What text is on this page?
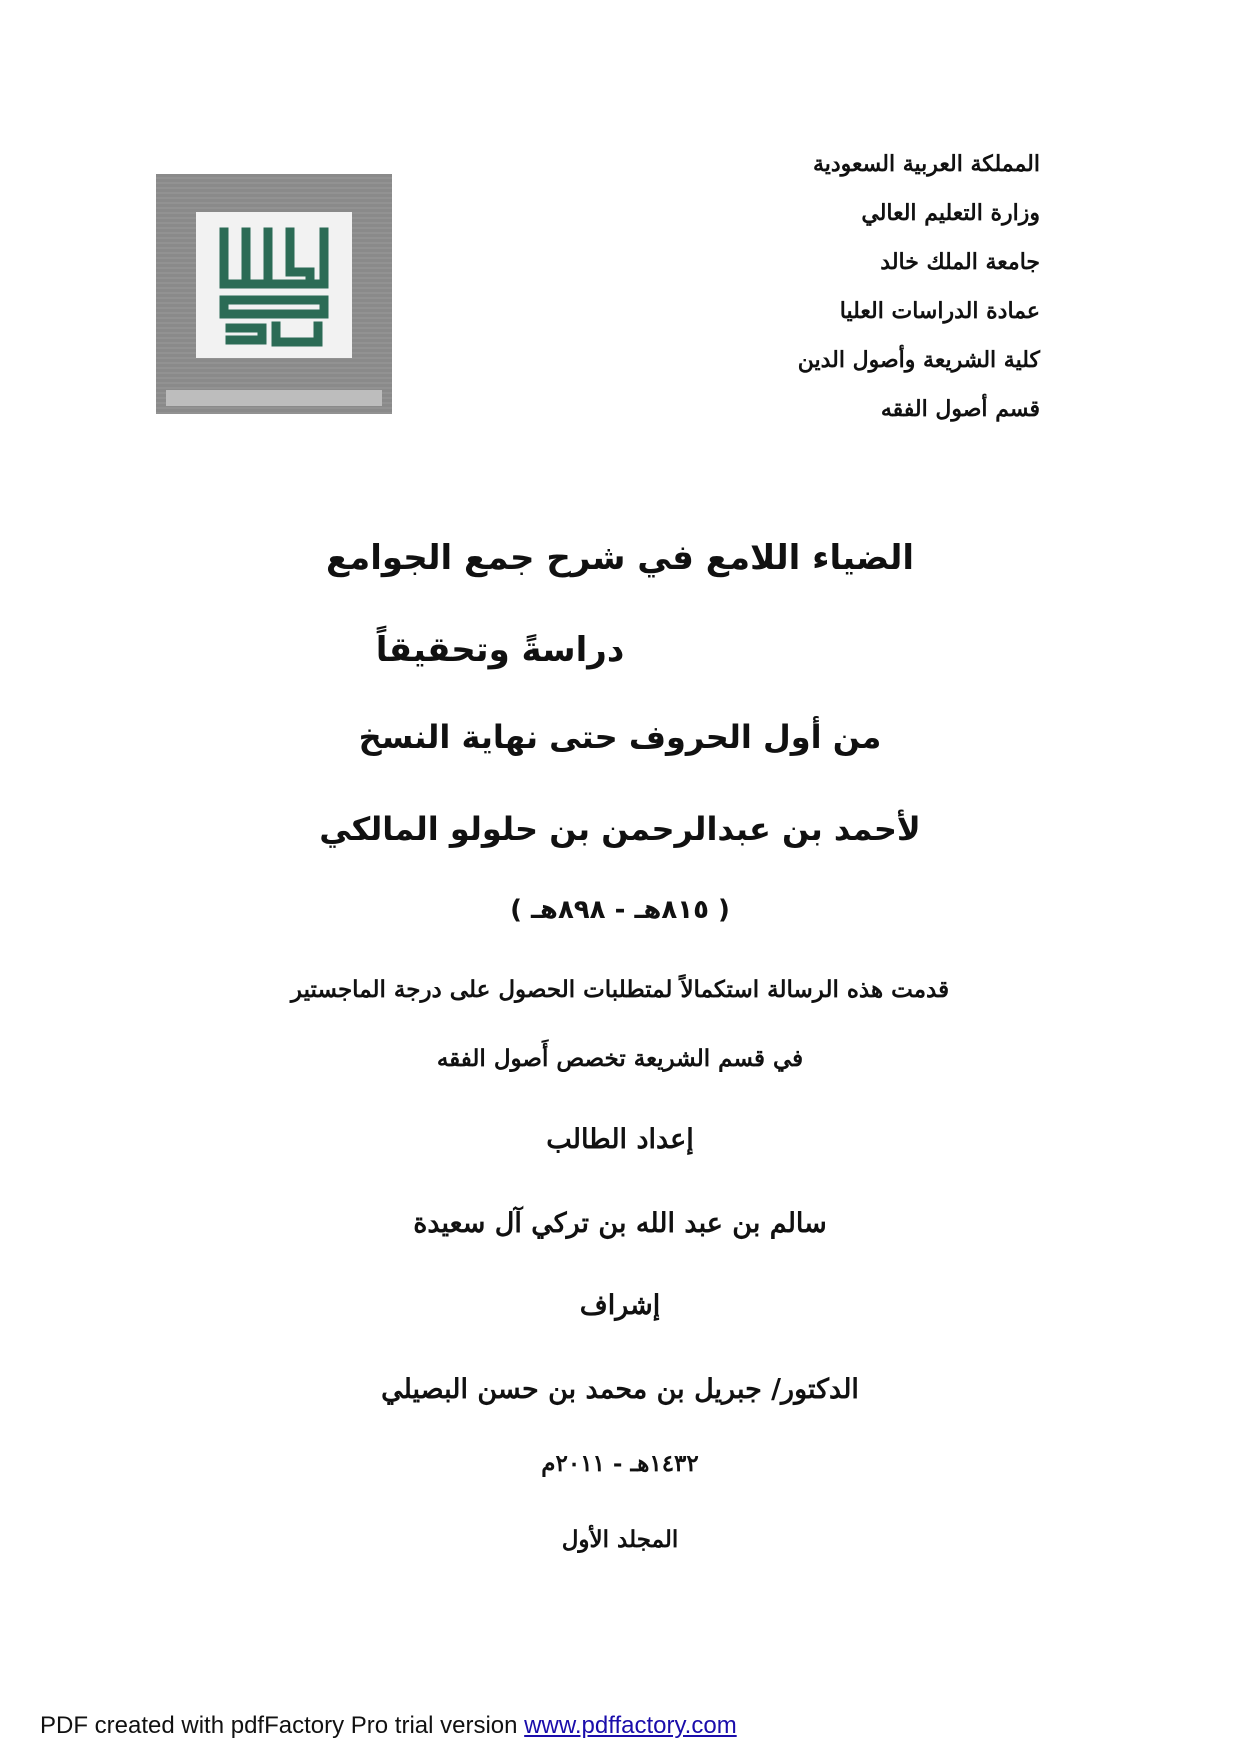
المملكة العربية السعودية
وزارة التعليم العالي
جامعة الملك خالد
عمادة الدراسات العليا
كلية الشريعة وأصول الدين
قسم أصول الفقه
الضياء اللامع في شرح جمع الجوامع
دراسةً وتحقيقاً
من أول الحروف حتى نهاية النسخ
لأحمد بن عبدالرحمن بن حلولو المالكي
( ٨١٥هـ - ٨٩٨هـ )
قدمت هذه الرسالة استكمالاً لمتطلبات الحصول على درجة الماجستير
في قسم الشريعة تخصص أَصول الفقه
إعداد الطالب
سالم بن عبد الله بن تركي آل سعيدة
إشراف
الدكتور/ جبريل بن محمد بن حسن البصيلي
١٤٣٢هـ - ٢٠١١م
المجلد الأول
PDF created with pdfFactory Pro trial version www.pdffactory.com
